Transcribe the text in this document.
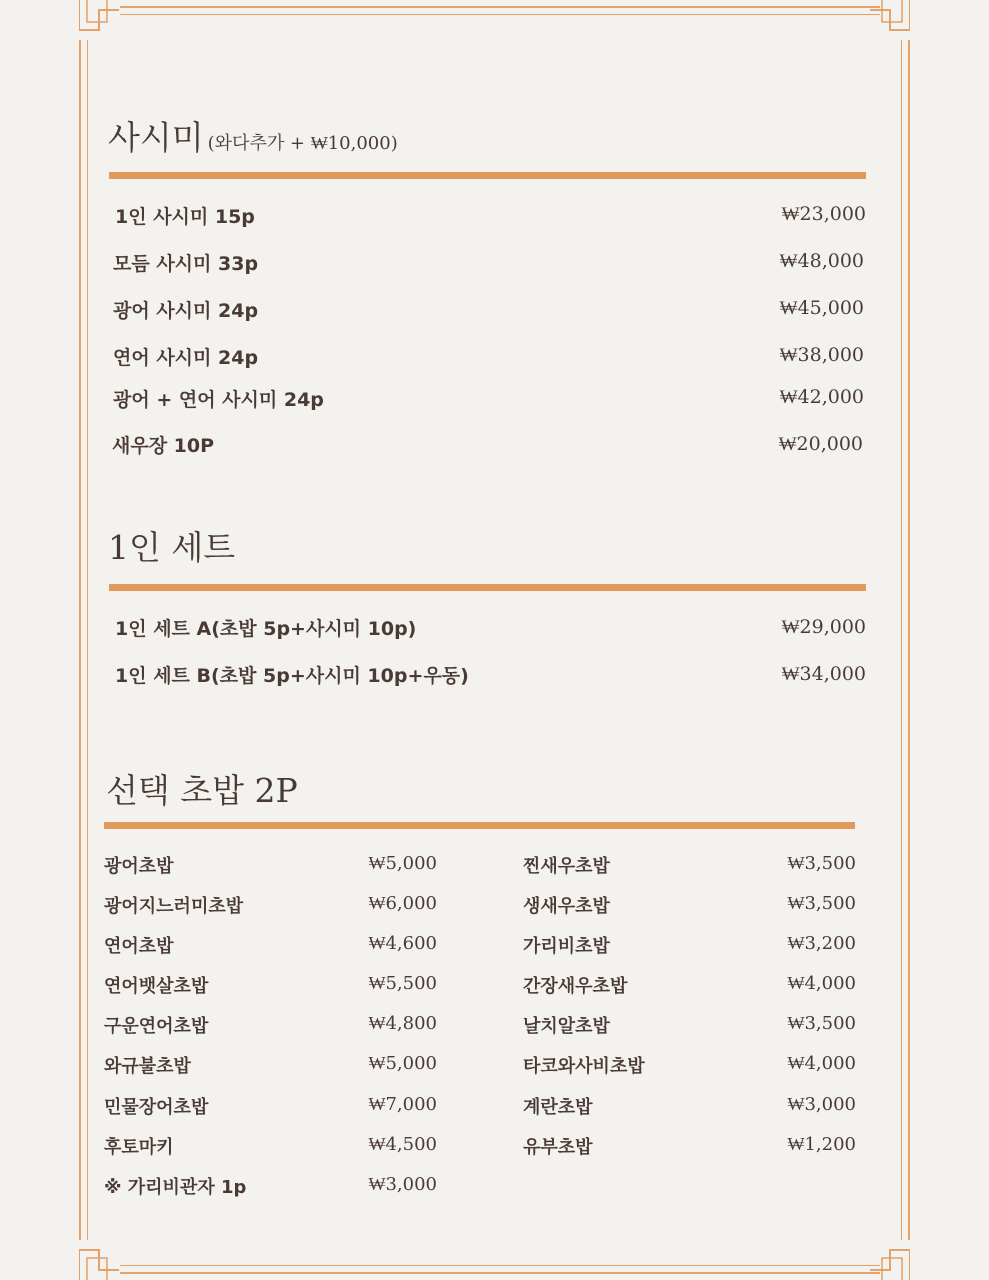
사시미 (와다추가 + ₩10,000)
1인 사시미 15p	₩23,000
모듬 사시미 33p	₩48,000
광어 사시미 24p	₩45,000
연어 사시미 24p	₩38,000
광어 + 연어 사시미 24p	₩42,000
새우장 10P	₩20,000
1인 세트
1인 세트 A(초밥 5p+사시미 10p)	₩29,000
1인 세트 B(초밥 5p+사시미 10p+우동)	₩34,000
선택 초밥 2P
광어초밥	₩5,000
광어지느러미초밥	₩6,000
연어초밥	₩4,600
연어뱃살초밥	₩5,500
구운연어초밥	₩4,800
와규불초밥	₩5,000
민물장어초밥	₩7,000
후토마키	₩4,500
※ 가리비관자 1p	₩3,000
찐새우초밥	₩3,500
생새우초밥	₩3,500
가리비초밥	₩3,200
간장새우초밥	₩4,000
날치알초밥	₩3,500
타코와사비초밥	₩4,000
계란초밥	₩3,000
유부초밥	₩1,200
